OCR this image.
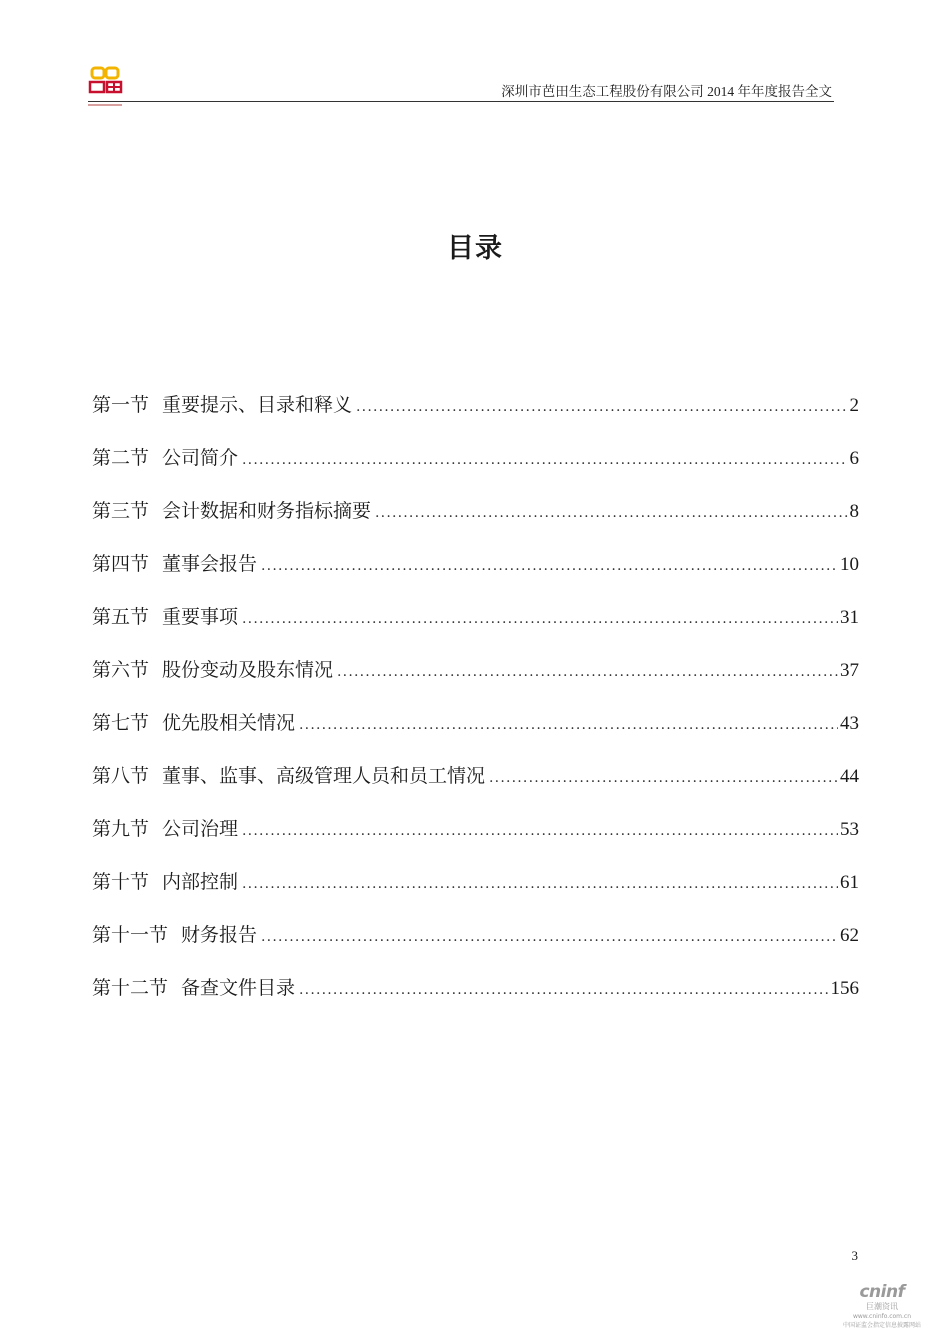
深圳市芭田生态工程股份有限公司 2014 年年度报告全文
目录
第一节 重要提示、目录和释义 .....	2
第二节 公司简介 .....	6
第三节 会计数据和财务指标摘要 .....	8
第四节 董事会报告 .....	10
第五节 重要事项 .....	31
第六节 股份变动及股东情况 .....	37
第七节 优先股相关情况 .....	43
第八节 董事、监事、高级管理人员和员工情况 .....	44
第九节 公司治理 .....	53
第十节 内部控制 .....	61
第十一节 财务报告 .....	62
第十二节 备查文件目录 .....	156
3
cninf
巨潮资讯
www.cninfo.com.cn
中国证监会指定信息披露网站
